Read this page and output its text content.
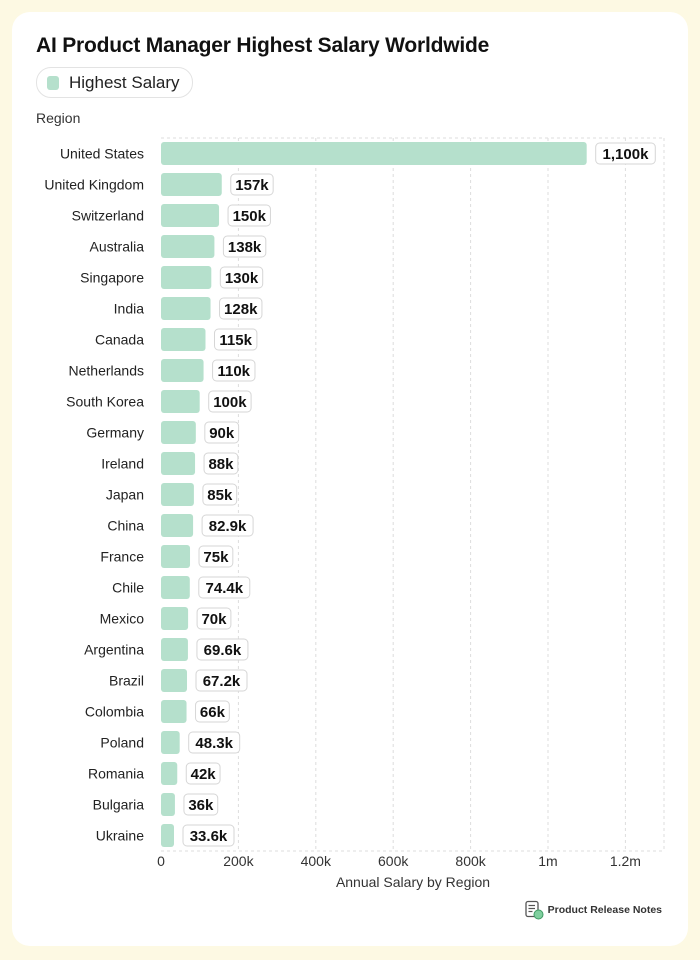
AI Product Manager Highest Salary Worldwide
Highest Salary
Region
0	200k	400k	600k	800k	1m	1.2m
Annual Salary by Region
United States	1,100k
United Kingdom	157k
Switzerland	150k
Australia	138k
Singapore	130k
India	128k
Canada	115k
Netherlands	110k
South Korea	100k
Germany	90k
Ireland	88k
Japan	85k
China	82.9k
France	75k
Chile	74.4k
Mexico	70k
Argentina	69.6k
Brazil	67.2k
Colombia	66k
Poland	48.3k
Romania	42k
Bulgaria	36k
Ukraine	33.6k
Product Release Notes
